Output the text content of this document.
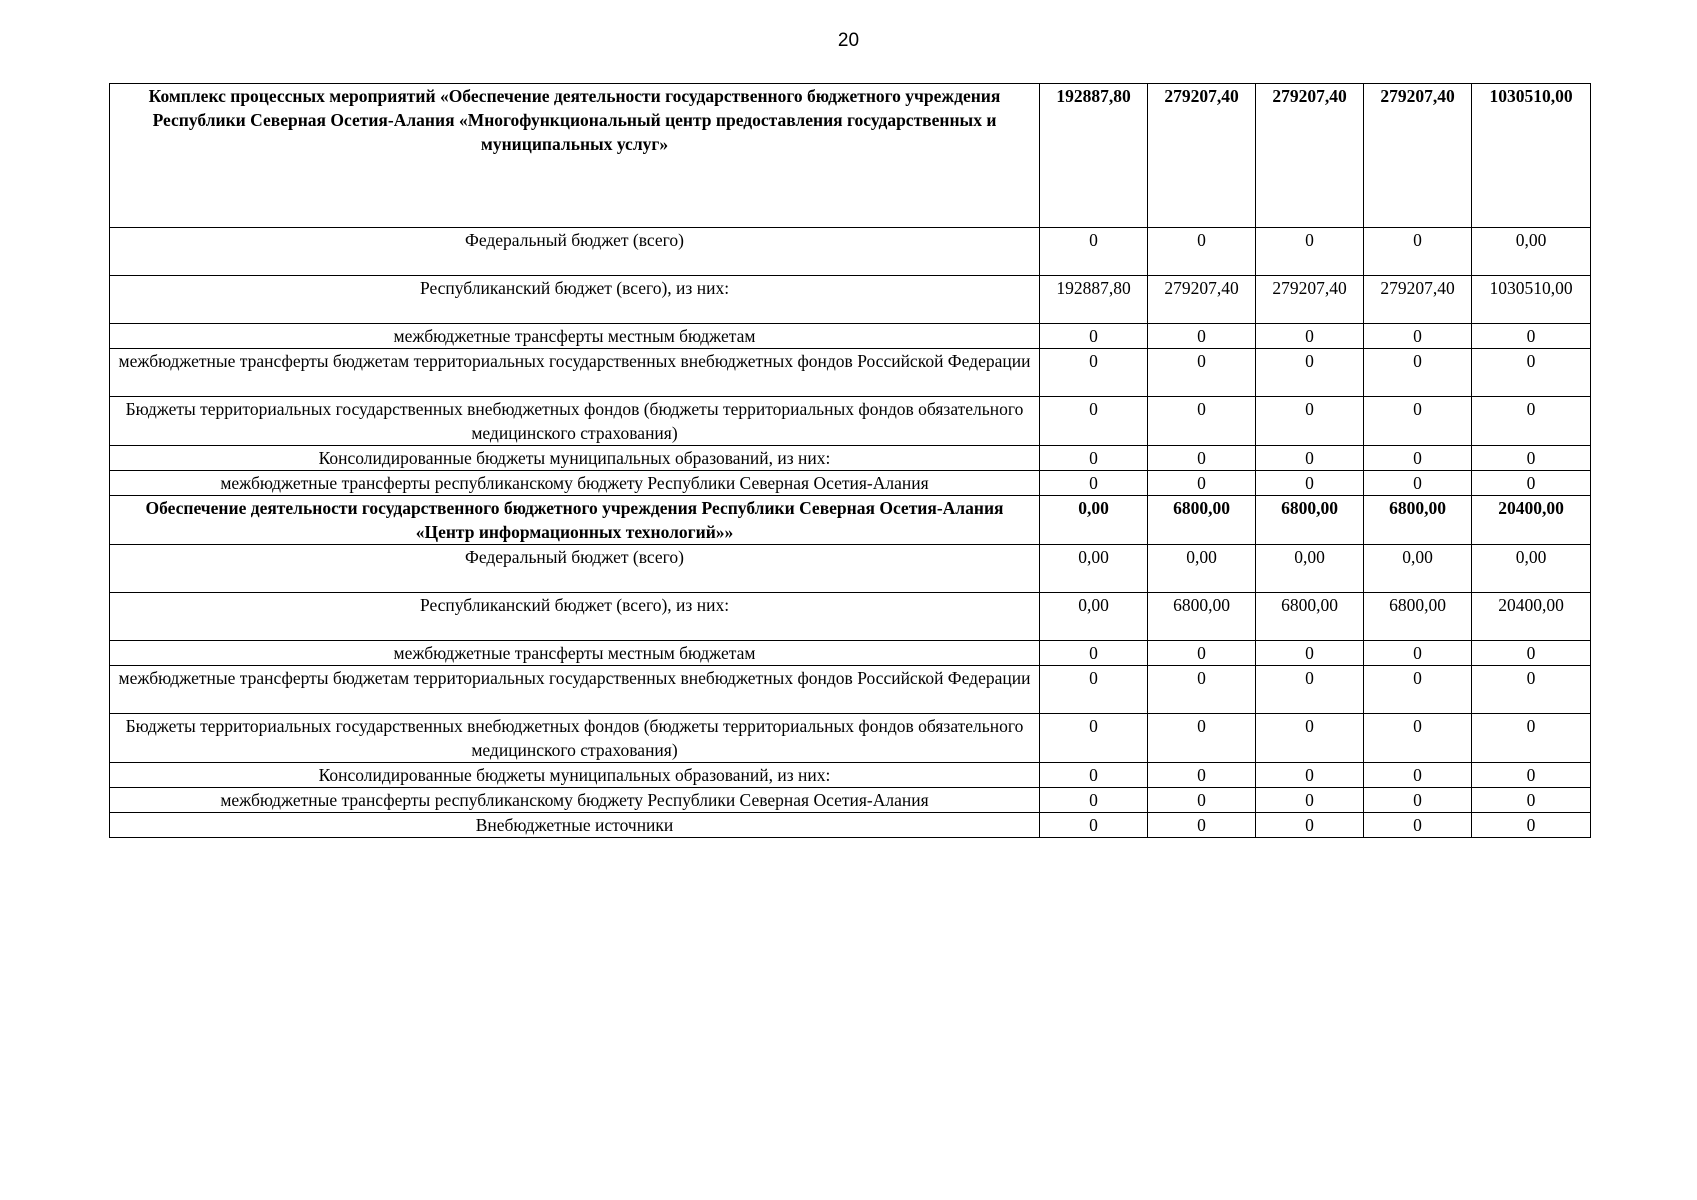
20
Комплекс процессных мероприятий «Обеспечение деятельности государственного бюджетного учреждения Республики Северная Осетия-Алания «Многофункциональный центр предоставления государственных и муниципальных услуг»	192887,80	279207,40	279207,40	279207,40	1030510,00
Федеральный бюджет (всего)	0	0	0	0	0,00
Республиканский бюджет (всего), из них:	192887,80	279207,40	279207,40	279207,40	1030510,00
межбюджетные трансферты местным бюджетам	0	0	0	0	0
межбюджетные трансферты бюджетам территориальных государственных внебюджетных фондов Российской Федерации	0	0	0	0	0
Бюджеты территориальных государственных внебюджетных фондов (бюджеты территориальных фондов обязательного медицинского страхования)	0	0	0	0	0
Консолидированные бюджеты муниципальных образований, из них:	0	0	0	0	0
межбюджетные трансферты республиканскому бюджету Республики Северная Осетия-Алания	0	0	0	0	0
Обеспечение деятельности государственного бюджетного учреждения Республики Северная Осетия-Алания «Центр информационных технологий»»	0,00	6800,00	6800,00	6800,00	20400,00
Федеральный бюджет (всего)	0,00	0,00	0,00	0,00	0,00
Республиканский бюджет (всего), из них:	0,00	6800,00	6800,00	6800,00	20400,00
межбюджетные трансферты местным бюджетам	0	0	0	0	0
межбюджетные трансферты бюджетам территориальных государственных внебюджетных фондов Российской Федерации	0	0	0	0	0
Бюджеты территориальных государственных внебюджетных фондов (бюджеты территориальных фондов обязательного медицинского страхования)	0	0	0	0	0
Консолидированные бюджеты муниципальных образований, из них:	0	0	0	0	0
межбюджетные трансферты республиканскому бюджету Республики Северная Осетия-Алания	0	0	0	0	0
Внебюджетные источники	0	0	0	0	0
